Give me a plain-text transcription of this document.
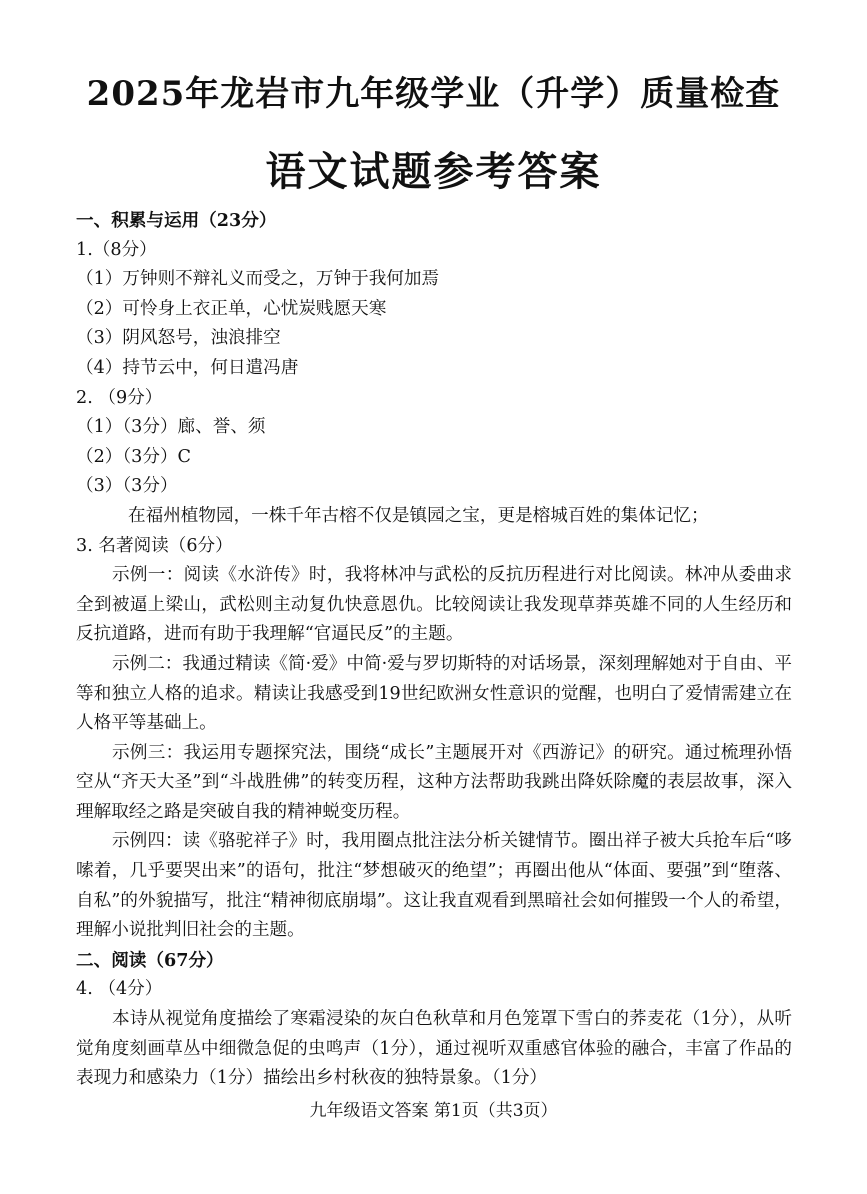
2025年龙岩市九年级学业（升学）质量检查
语文试题参考答案
一、积累与运用（23分）
1.（8分）
（1）万钟则不辩礼义而受之，万钟于我何加焉
（2）可怜身上衣正单，心忧炭贱愿天寒
（3）阴风怒号，浊浪排空
（4）持节云中，何日遣冯唐
2. （9分）
（1）（3分）廊、誉、须
（2）（3分）C
（3）（3分）
在福州植物园，一株千年古榕不仅是镇园之宝，更是榕城百姓的集体记忆；
3. 名著阅读（6分）
示例一：阅读《水浒传》时，我将林冲与武松的反抗历程进行对比阅读。林冲从委曲求全到被逼上梁山，武松则主动复仇快意恩仇。比较阅读让我发现草莽英雄不同的人生经历和反抗道路，进而有助于我理解“官逼民反”的主题。
示例二：我通过精读《简·爱》中简·爱与罗切斯特的对话场景，深刻理解她对于自由、平等和独立人格的追求。精读让我感受到19世纪欧洲女性意识的觉醒，也明白了爱情需建立在人格平等基础上。
示例三：我运用专题探究法，围绕“成长”主题展开对《西游记》的研究。通过梳理孙悟空从“齐天大圣”到“斗战胜佛”的转变历程，这种方法帮助我跳出降妖除魔的表层故事，深入理解取经之路是突破自我的精神蜕变历程。
示例四：读《骆驼祥子》时，我用圈点批注法分析关键情节。圈出祥子被大兵抢车后“哆嗦着，几乎要哭出来”的语句，批注“梦想破灭的绝望”；再圈出他从“体面、要强”到“堕落、自私”的外貌描写，批注“精神彻底崩塌”。这让我直观看到黑暗社会如何摧毁一个人的希望，理解小说批判旧社会的主题。
二、阅读（67分）
4. （4分）
本诗从视觉角度描绘了寒霜浸染的灰白色秋草和月色笼罩下雪白的荞麦花（1分），从听觉角度刻画草丛中细微急促的虫鸣声（1分），通过视听双重感官体验的融合，丰富了作品的表现力和感染力（1分）描绘出乡村秋夜的独特景象。（1分）
九年级语文答案 第1页（共3页）
